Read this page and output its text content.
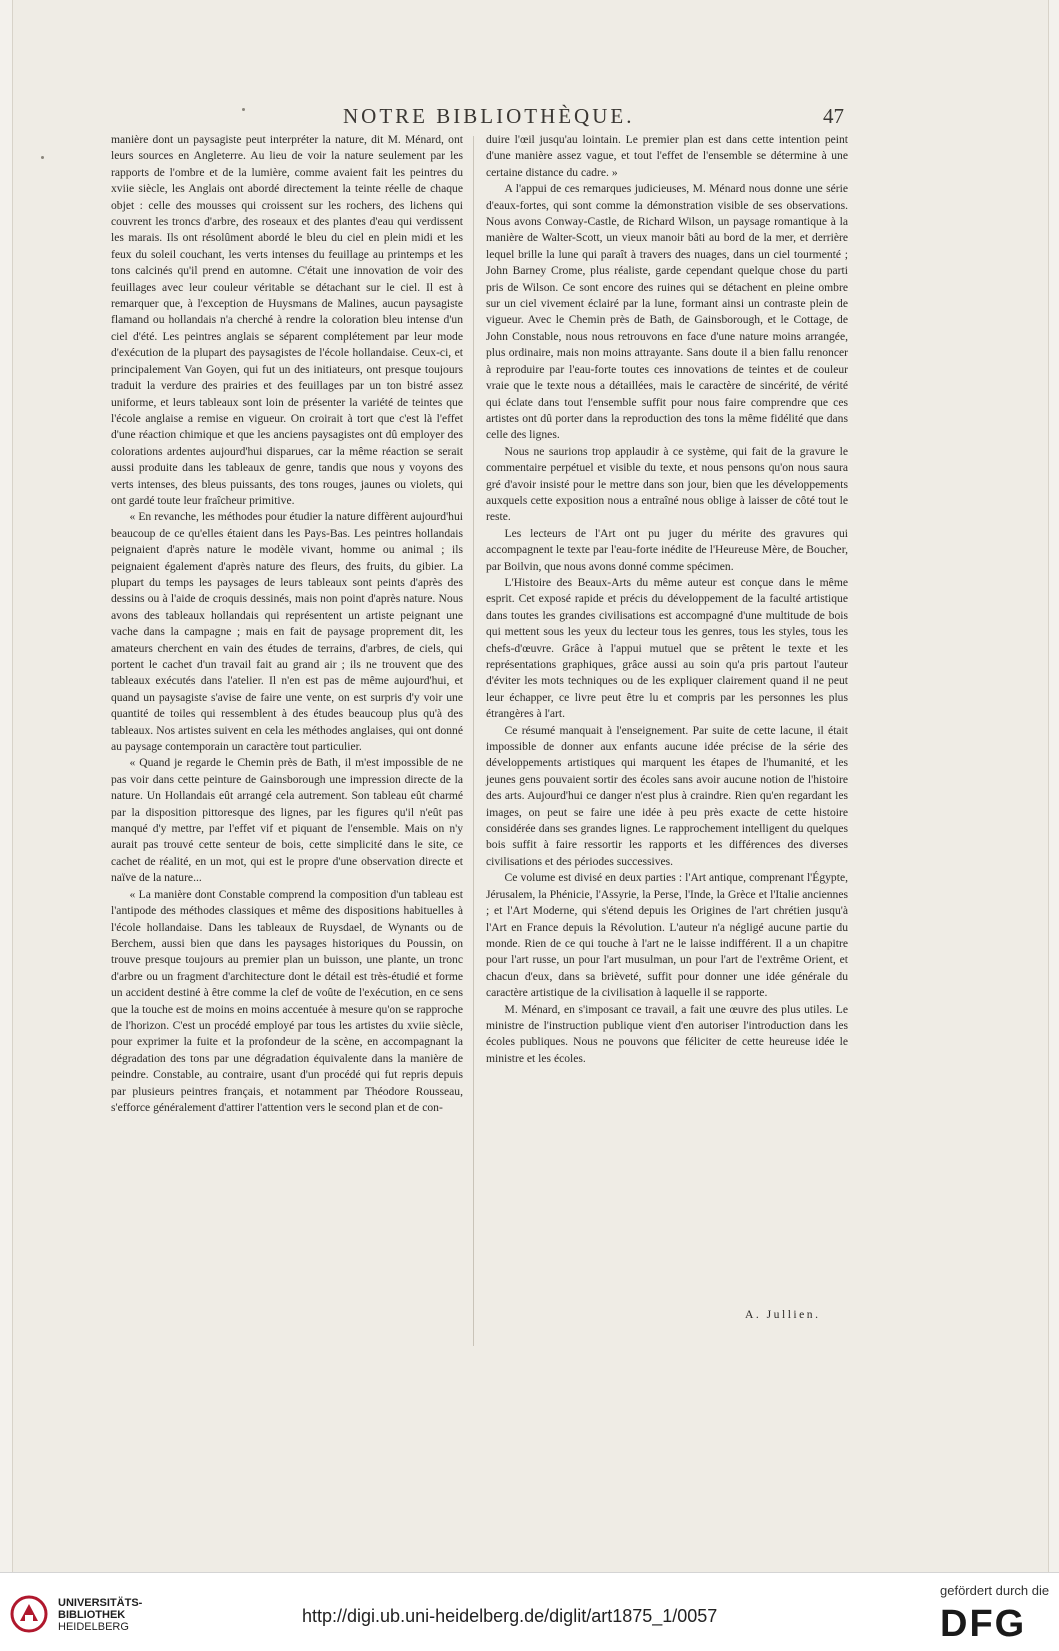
NOTRE BIBLIOTHÈQUE.	47

manière dont un paysagiste peut interpréter la nature, dit M. Ménard, ont leurs sources en Angleterre. Au lieu de voir la nature seulement par les rapports de l'ombre et de la lumière, comme avaient fait les peintres du xviie siècle, les Anglais ont abordé directement la teinte réelle de chaque objet : celle des mousses qui croissent sur les rochers, des lichens qui couvrent les troncs d'arbre, des roseaux et des plantes d'eau qui verdissent les marais. Ils ont résolûment abordé le bleu du ciel en plein midi et les feux du soleil couchant, les verts intenses du feuillage au printemps et les tons calcinés qu'il prend en automne. C'était une innovation de voir des feuillages avec leur couleur véritable se détachant sur le ciel. Il est à remarquer que, à l'exception de Huysmans de Malines, aucun paysagiste flamand ou hollandais n'a cherché à rendre la coloration bleu intense d'un ciel d'été. Les peintres anglais se séparent complétement par leur mode d'exécution de la plupart des paysagistes de l'école hollandaise. Ceux-ci, et principalement Van Goyen, qui fut un des initiateurs, ont presque toujours traduit la verdure des prairies et des feuillages par un ton bistré assez uniforme, et leurs tableaux sont loin de présenter la variété de teintes que l'école anglaise a remise en vigueur. On croirait à tort que c'est là l'effet d'une réaction chimique et que les anciens paysagistes ont dû employer des colorations ardentes aujourd'hui disparues, car la même réaction se serait aussi produite dans les tableaux de genre, tandis que nous y voyons des verts intenses, des bleus puissants, des tons rouges, jaunes ou violets, qui ont gardé toute leur fraîcheur primitive.

« En revanche, les méthodes pour étudier la nature diffèrent aujourd'hui beaucoup de ce qu'elles étaient dans les Pays-Bas. Les peintres hollandais peignaient d'après nature le modèle vivant, homme ou animal ; ils peignaient également d'après nature des fleurs, des fruits, du gibier. La plupart du temps les paysages de leurs tableaux sont peints d'après des dessins ou à l'aide de croquis dessinés, mais non point d'après nature. Nous avons des tableaux hollandais qui représentent un artiste peignant une vache dans la campagne ; mais en fait de paysage proprement dit, les amateurs cherchent en vain des études de terrains, d'arbres, de ciels, qui portent le cachet d'un travail fait au grand air ; ils ne trouvent que des tableaux exécutés dans l'atelier. Il n'en est pas de même aujourd'hui, et quand un paysagiste s'avise de faire une vente, on est surpris d'y voir une quantité de toiles qui ressemblent à des études beaucoup plus qu'à des tableaux. Nos artistes suivent en cela les méthodes anglaises, qui ont donné au paysage contemporain un caractère tout particulier.

« Quand je regarde le Chemin près de Bath, il m'est impossible de ne pas voir dans cette peinture de Gainsborough une impression directe de la nature. Un Hollandais eût arrangé cela autrement. Son tableau eût charmé par la disposition pittoresque des lignes, par les figures qu'il n'eût pas manqué d'y mettre, par l'effet vif et piquant de l'ensemble. Mais on n'y aurait pas trouvé cette senteur de bois, cette simplicité dans le site, ce cachet de réalité, en un mot, qui est le propre d'une observation directe et naïve de la nature...

« La manière dont Constable comprend la composition d'un tableau est l'antipode des méthodes classiques et même des dispositions habituelles à l'école hollandaise. Dans les tableaux de Ruysdael, de Wynants ou de Berchem, aussi bien que dans les paysages historiques du Poussin, on trouve presque toujours au premier plan un buisson, une plante, un tronc d'arbre ou un fragment d'architecture dont le détail est très-étudié et forme un accident destiné à être comme la clef de voûte de l'exécution, en ce sens que la touche est de moins en moins accentuée à mesure qu'on se rapproche de l'horizon. C'est un procédé employé par tous les artistes du xviie siècle, pour exprimer la fuite et la profondeur de la scène, en accompagnant la dégradation des tons par une dégradation équivalente dans la manière de peindre. Constable, au contraire, usant d'un procédé qui fut repris depuis par plusieurs peintres français, et notamment par Théodore Rousseau, s'efforce généralement d'attirer l'attention vers le second plan et de con-

duire l'œil jusqu'au lointain. Le premier plan est dans cette intention peint d'une manière assez vague, et tout l'effet de l'ensemble se détermine à une certaine distance du cadre. »

A l'appui de ces remarques judicieuses, M. Ménard nous donne une série d'eaux-fortes, qui sont comme la démonstration visible de ses observations. Nous avons Conway-Castle, de Richard Wilson, un paysage romantique à la manière de Walter-Scott, un vieux manoir bâti au bord de la mer, et derrière lequel brille la lune qui paraît à travers des nuages, dans un ciel tourmenté ; John Barney Crome, plus réaliste, garde cependant quelque chose du parti pris de Wilson. Ce sont encore des ruines qui se détachent en pleine ombre sur un ciel vivement éclairé par la lune, formant ainsi un contraste plein de vigueur. Avec le Chemin près de Bath, de Gainsborough, et le Cottage, de John Constable, nous nous retrouvons en face d'une nature moins arrangée, plus ordinaire, mais non moins attrayante. Sans doute il a bien fallu renoncer à reproduire par l'eau-forte toutes ces innovations de teintes et de couleur vraie que le texte nous a détaillées, mais le caractère de sincérité, de vérité qui éclate dans tout l'ensemble suffit pour nous faire comprendre que ces artistes ont dû porter dans la reproduction des tons la même fidélité que dans celle des lignes.

Nous ne saurions trop applaudir à ce système, qui fait de la gravure le commentaire perpétuel et visible du texte, et nous pensons qu'on nous saura gré d'avoir insisté pour le mettre dans son jour, bien que les développements auxquels cette exposition nous a entraîné nous oblige à laisser de côté tout le reste.

Les lecteurs de l'Art ont pu juger du mérite des gravures qui accompagnent le texte par l'eau-forte inédite de l'Heureuse Mère, de Boucher, par Boilvin, que nous avons donné comme spécimen.

L'Histoire des Beaux-Arts du même auteur est conçue dans le même esprit. Cet exposé rapide et précis du développement de la faculté artistique dans toutes les grandes civilisations est accompagné d'une multitude de bois qui mettent sous les yeux du lecteur tous les genres, tous les styles, tous les chefs-d'œuvre. Grâce à l'appui mutuel que se prêtent le texte et les représentations graphiques, grâce aussi au soin qu'a pris partout l'auteur d'éviter les mots techniques ou de les expliquer clairement quand il ne peut leur échapper, ce livre peut être lu et compris par les personnes les plus étrangères à l'art.

Ce résumé manquait à l'enseignement. Par suite de cette lacune, il était impossible de donner aux enfants aucune idée précise de la série des développements artistiques qui marquent les étapes de l'humanité, et les jeunes gens pouvaient sortir des écoles sans avoir aucune notion de l'histoire des arts. Aujourd'hui ce danger n'est plus à craindre. Rien qu'en regardant les images, on peut se faire une idée à peu près exacte de cette histoire considérée dans ses grandes lignes. Le rapprochement intelligent du quelques bois suffit à faire ressortir les rapports et les différences des diverses civilisations et des périodes successives.

Ce volume est divisé en deux parties : l'Art antique, comprenant l'Égypte, Jérusalem, la Phénicie, l'Assyrie, la Perse, l'Inde, la Grèce et l'Italie anciennes ; et l'Art Moderne, qui s'étend depuis les Origines de l'art chrétien jusqu'à l'Art en France depuis la Révolution. L'auteur n'a négligé aucune partie du monde. Rien de ce qui touche à l'art ne le laisse indifférent. Il a un chapitre pour l'art russe, un pour l'art musulman, un pour l'art de l'extrême Orient, et chacun d'eux, dans sa brièveté, suffit pour donner une idée générale du caractère artistique de la civilisation à laquelle il se rapporte.

M. Ménard, en s'imposant ce travail, a fait une œuvre des plus utiles. Le ministre de l'instruction publique vient d'en autoriser l'introduction dans les écoles publiques. Nous ne pouvons que féliciter de cette heureuse idée le ministre et les écoles.

A. Jullien.
UNIVERSITÄTS-
BIBLIOTHEK
HEIDELBERG
http://digi.ub.uni-heidelberg.de/diglit/art1875_1/0057
gefördert durch die
DFG
